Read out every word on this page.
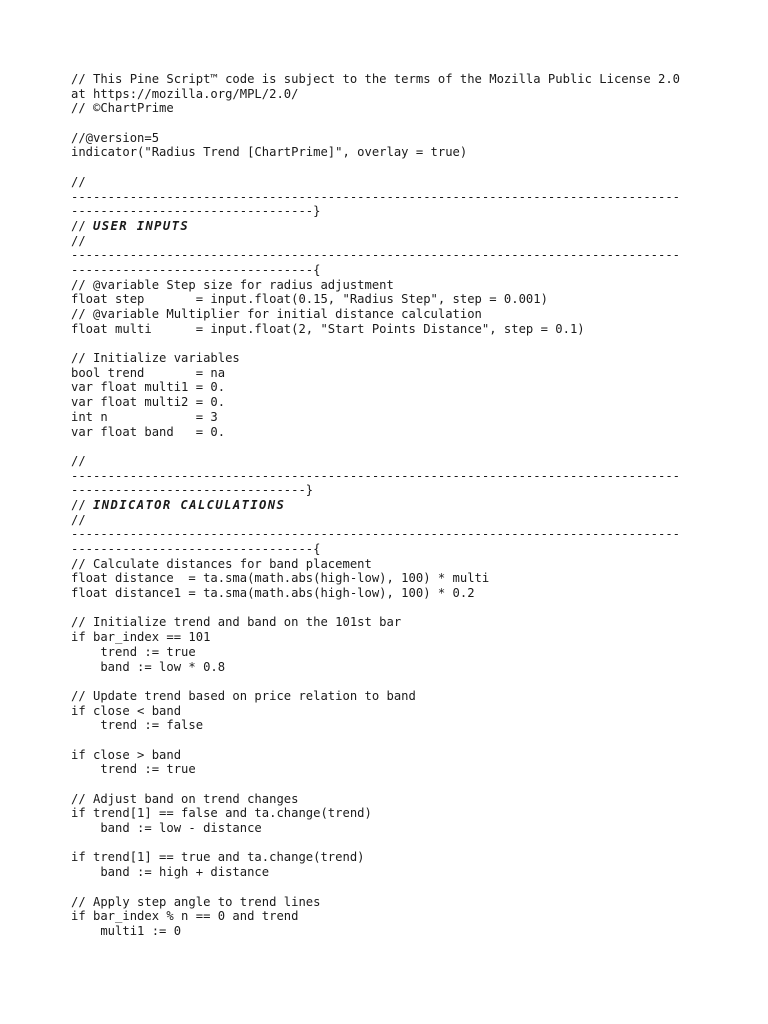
// This Pine Script™ code is subject to the terms of the Mozilla Public License 2.0
at https://mozilla.org/MPL/2.0/
// ©ChartPrime
//@version=5
indicator("Radius Trend [ChartPrime]", overlay = true)
//
-----------------------------------------------------------------------------------
---------------------------------}
// USER INPUTS
//
-----------------------------------------------------------------------------------
---------------------------------{
// @variable Step size for radius adjustment
float step       = input.float(0.15, "Radius Step", step = 0.001)
// @variable Multiplier for initial distance calculation
float multi      = input.float(2, "Start Points Distance", step = 0.1)
// Initialize variables
bool trend       = na
var float multi1 = 0.
var float multi2 = 0.
int n            = 3
var float band   = 0.
//
-----------------------------------------------------------------------------------
--------------------------------}
// INDICATOR CALCULATIONS
//
-----------------------------------------------------------------------------------
---------------------------------{
// Calculate distances for band placement
float distance  = ta.sma(math.abs(high-low), 100) * multi
float distance1 = ta.sma(math.abs(high-low), 100) * 0.2
// Initialize trend and band on the 101st bar
if bar_index == 101
trend := true
band := low * 0.8
// Update trend based on price relation to band
if close < band
trend := false
if close > band
trend := true
// Adjust band on trend changes
if trend[1] == false and ta.change(trend)
band := low - distance
if trend[1] == true and ta.change(trend)
band := high + distance
// Apply step angle to trend lines
if bar_index % n == 0 and trend
multi1 := 0
